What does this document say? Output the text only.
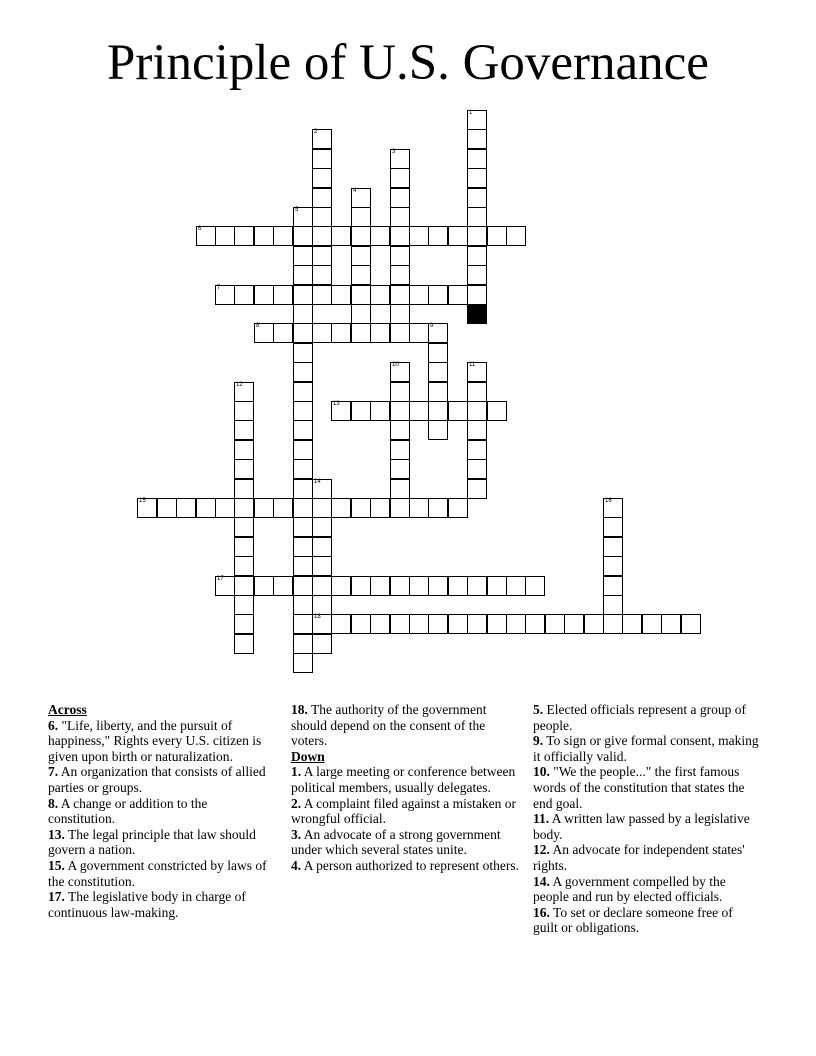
Principle of U.S. Governance
1
2
3
4
5
6
7
8	9
10	11
12
13
14
18
15	16
17

Across

6. "Life, liberty, and the pursuit of happiness," Rights every U.S. citizen is given upon birth or naturalization.

7. An organization that consists of allied parties or groups.

8. A change or addition to the constitution.

13. The legal principle that law should govern a nation.

15. A government constricted by laws of the constitution.

17. The legislative body in charge of continuous law-making.

18. The authority of the government should depend on the consent of the voters.

Down

1. A large meeting or conference between political members, usually delegates.

2. A complaint filed against a mistaken or wrongful official.

3. An advocate of a strong government under which several states unite.

4. A person authorized to represent others.

5. Elected officials represent a group of people.

9. To sign or give formal consent, making it officially valid.

10. "We the people..." the first famous words of the constitution that states the end goal.

11. A written law passed by a legislative body.

12. An advocate for independent states' rights.

14. A government compelled by the people and run by elected officials.

16. To set or declare someone free of guilt or obligations.
